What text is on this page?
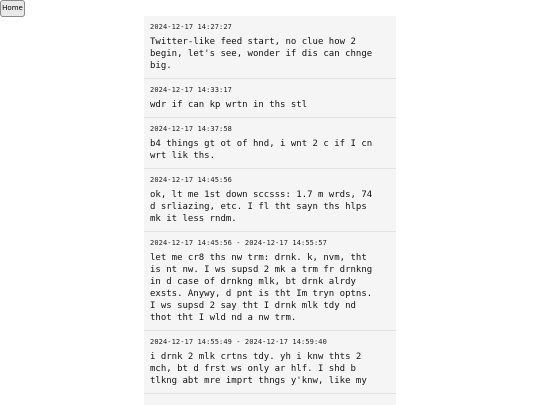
Home
2024-12-17 14:27:27
Twitter-like feed start, no clue how 2
begin, let's see, wonder if dis can chnge
big.
2024-12-17 14:33:17
wdr if can kp wrtn in ths stl
2024-12-17 14:37:58
b4 things gt ot of hnd, i wnt 2 c if I cn
wrt lik ths.
2024-12-17 14:45:56
ok, lt me 1st down sccsss: 1.7 m wrds, 74
d srliazing, etc. I fl tht sayn ths hlps
mk it less rndm.
2024-12-17 14:45:56 - 2024-12-17 14:55:57
let me cr8 ths nw trm: drnk. k, nvm, tht
is nt nw. I ws supsd 2 mk a trm fr drnkng
in d case of drnkng mlk, bt drnk alrdy
exsts. Anywy, d pnt is tht Im tryn optns.
I ws supsd 2 say tht I drnk mlk tdy nd
thot tht I wld nd a nw trm.
2024-12-17 14:55:49 - 2024-12-17 14:59:40
i drnk 2 mlk crtns tdy. yh i knw thts 2
mch, bt d frst ws only ar hlf. I shd b
tlkng abt mre imprt thngs y'knw, like my
